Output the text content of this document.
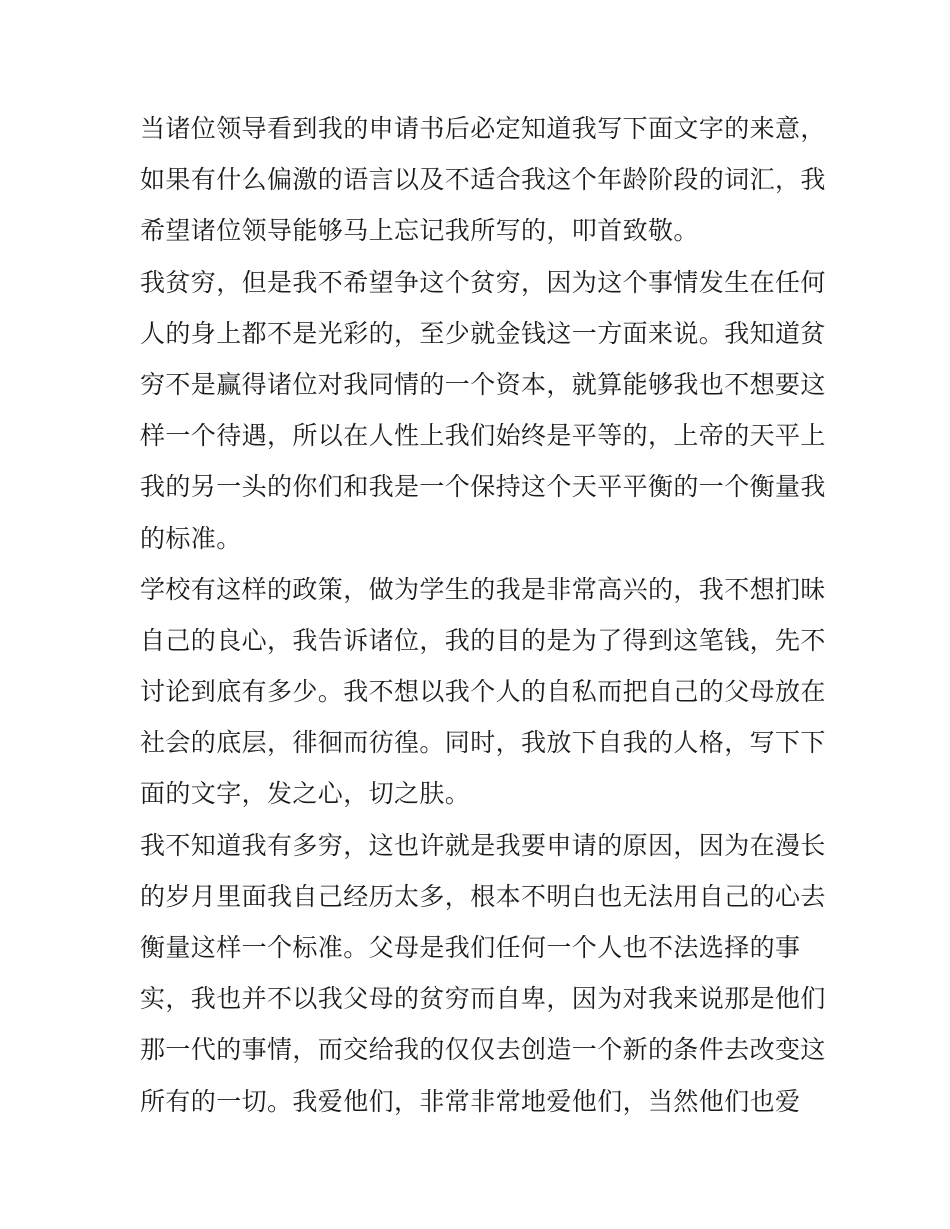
当诸位领导看到我的申请书后必定知道我写下面文字的来意，
如果有什么偏激的语言以及不适合我这个年龄阶段的词汇，我
希望诸位领导能够马上忘记我所写的，叩首致敬。
我贫穷，但是我不希望争这个贫穷，因为这个事情发生在任何
人的身上都不是光彩的，至少就金钱这一方面来说。我知道贫
穷不是赢得诸位对我同情的一个资本，就算能够我也不想要这
样一个待遇，所以在人性上我们始终是平等的，上帝的天平上
我的另一头的你们和我是一个保持这个天平平衡的一个衡量我
的标准。
学校有这样的政策，做为学生的我是非常高兴的，我不想扪昧
自己的良心，我告诉诸位，我的目的是为了得到这笔钱，先不
讨论到底有多少。我不想以我个人的自私而把自己的父母放在
社会的底层，徘徊而彷徨。同时，我放下自我的人格，写下下
面的文字，发之心，切之肤。
我不知道我有多穷，这也许就是我要申请的原因，因为在漫长
的岁月里面我自己经历太多，根本不明白也无法用自己的心去
衡量这样一个标准。父母是我们任何一个人也不法选择的事
实，我也并不以我父母的贫穷而自卑，因为对我来说那是他们
那一代的事情，而交给我的仅仅去创造一个新的条件去改变这
所有的一切。我爱他们，非常非常地爱他们，当然他们也爱
